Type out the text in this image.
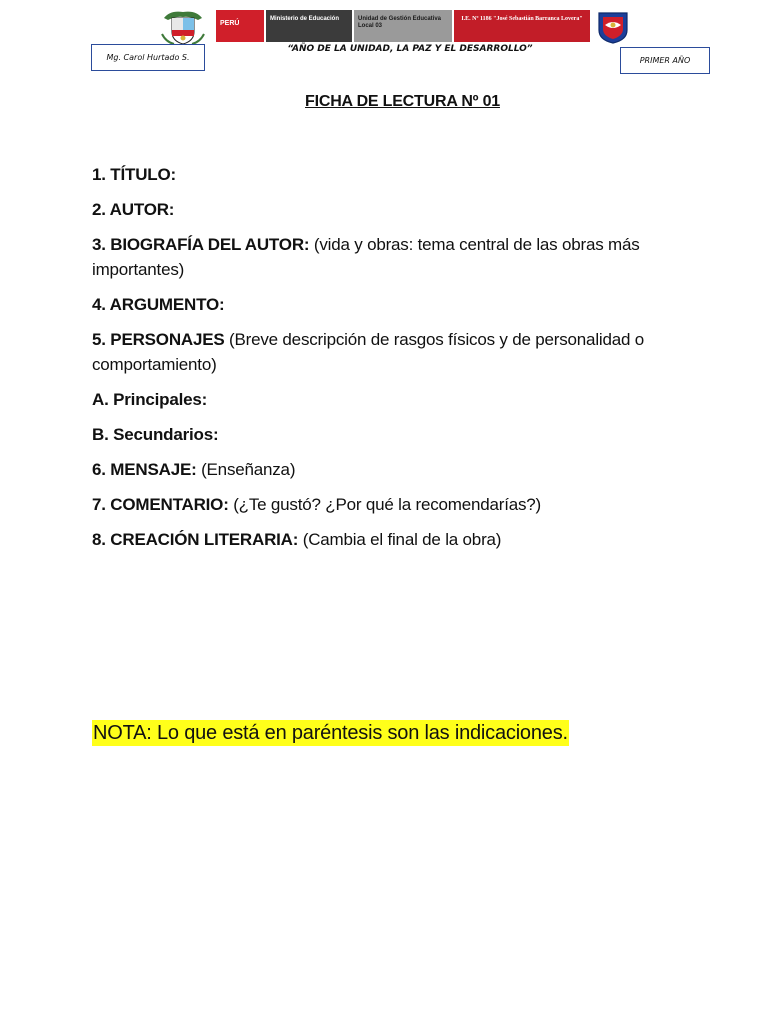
PERÚ
Ministerio de Educación	Unidad de Gestión Educativa Local 03
I.E. Nº 1186 "José Sebastián Barranca Lovera"
Mg. Carol Hurtado S.
“AÑO DE LA UNIDAD, LA PAZ Y EL DESARROLLO”
PRIMER AÑO
FICHA DE LECTURA Nº 01
1. TÍTULO:
2. AUTOR:
3. BIOGRAFÍA DEL AUTOR: (vida y obras: tema central de las obras más importantes)
4. ARGUMENTO:
5. PERSONAJES (Breve descripción de rasgos físicos y de personalidad o comportamiento)
A. Principales:
B. Secundarios:
6. MENSAJE: (Enseñanza)
7. COMENTARIO: (¿Te gustó? ¿Por qué la recomendarías?)
8. CREACIÓN LITERARIA: (Cambia el final de la obra)
NOTA: Lo que está en paréntesis son las indicaciones.
